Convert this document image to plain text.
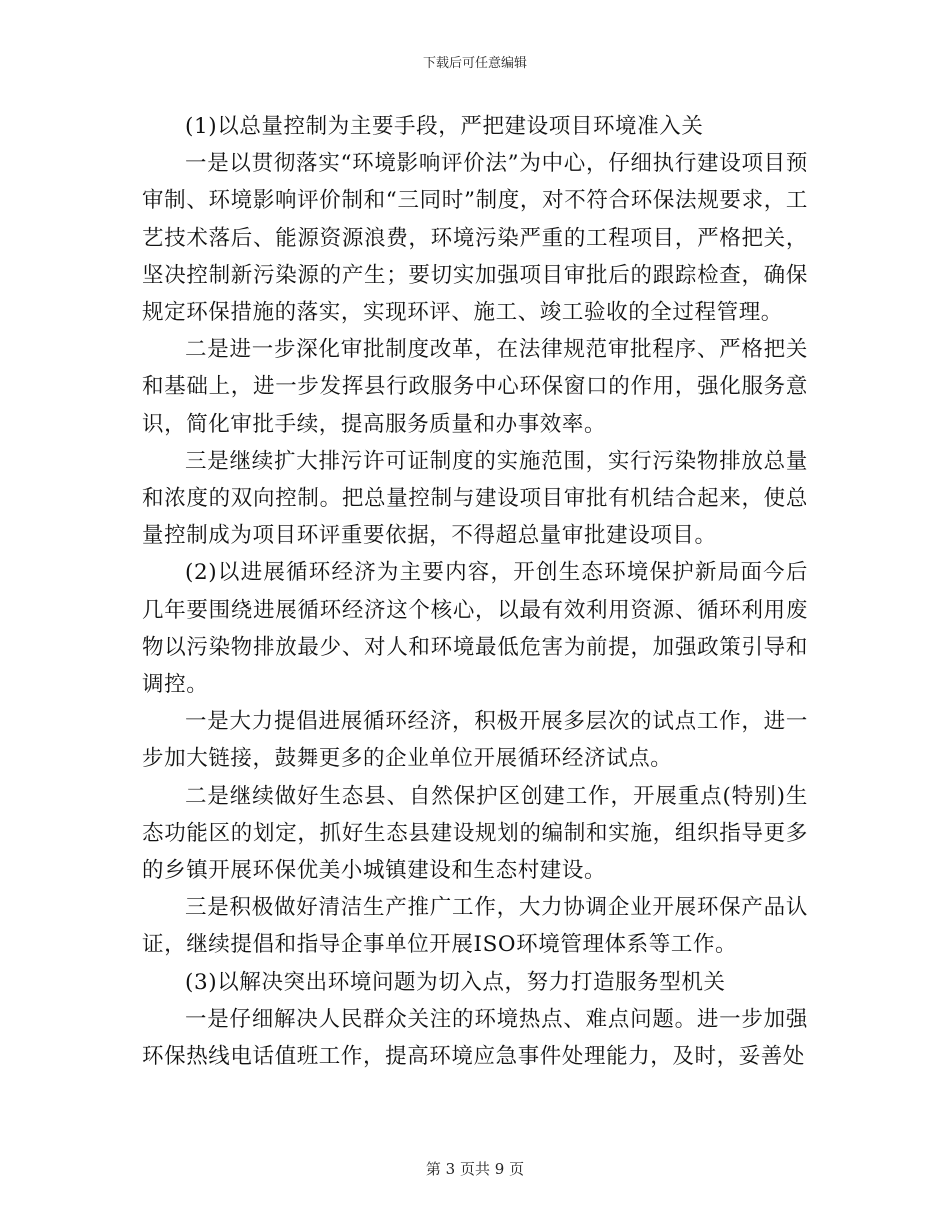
下载后可任意编辑

(1)以总量控制为主要手段，严把建设项目环境准入关

一是以贯彻落实“环境影响评价法”为中心，仔细执行建设项目预审制、环境影响评价制和“三同时”制度，对不符合环保法规要求，工艺技术落后、能源资源浪费，环境污染严重的工程项目，严格把关，坚决控制新污染源的产生；要切实加强项目审批后的跟踪检查，确保规定环保措施的落实，实现环评、施工、竣工验收的全过程管理。

二是进一步深化审批制度改革，在法律规范审批程序、严格把关和基础上，进一步发挥县行政服务中心环保窗口的作用，强化服务意识，简化审批手续，提高服务质量和办事效率。

三是继续扩大排污许可证制度的实施范围，实行污染物排放总量和浓度的双向控制。把总量控制与建设项目审批有机结合起来，使总量控制成为项目环评重要依据，不得超总量审批建设项目。

(2)以进展循环经济为主要内容，开创生态环境保护新局面今后几年要围绕进展循环经济这个核心，以最有效利用资源、循环利用废物以污染物排放最少、对人和环境最低危害为前提，加强政策引导和调控。

一是大力提倡进展循环经济，积极开展多层次的试点工作，进一步加大链接，鼓舞更多的企业单位开展循环经济试点。

二是继续做好生态县、自然保护区创建工作，开展重点(特别)生态功能区的划定，抓好生态县建设规划的编制和实施，组织指导更多的乡镇开展环保优美小城镇建设和生态村建设。

三是积极做好清洁生产推广工作，大力协调企业开展环保产品认证，继续提倡和指导企事单位开展ISO环境管理体系等工作。

(3)以解决突出环境问题为切入点，努力打造服务型机关

一是仔细解决人民群众关注的环境热点、难点问题。进一步加强环保热线电话值班工作，提高环境应急事件处理能力，及时，妥善处

第 3 页共 9 页
